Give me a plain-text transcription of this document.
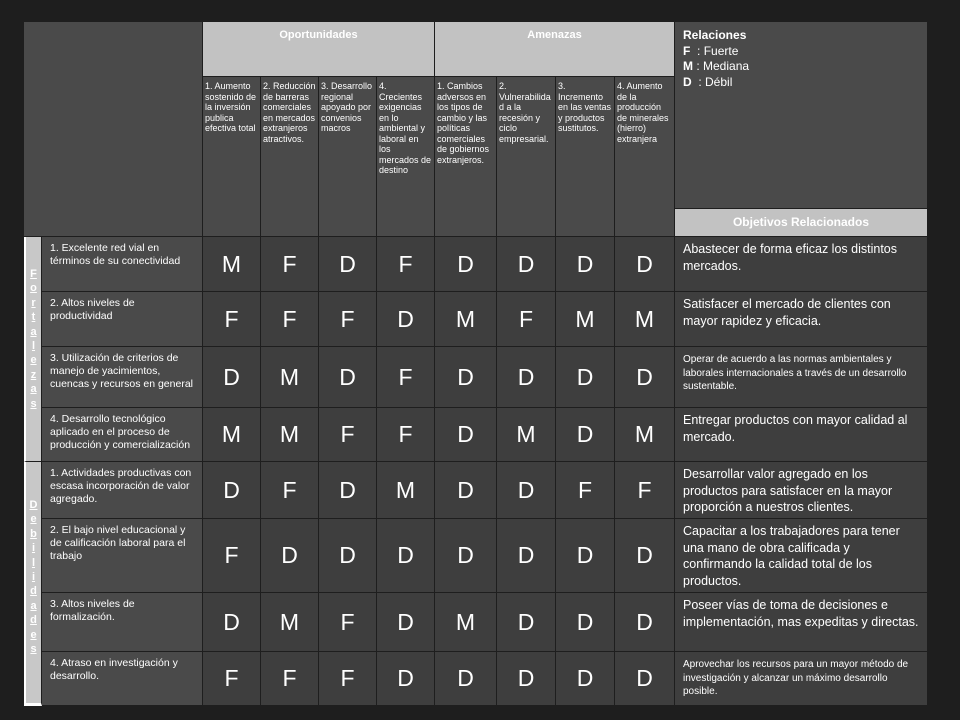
Oportunidades	Amenazas	Relaciones
F  : Fuerte
M : Mediana
D  : Débil
1. Aumento sostenido de la inversión publica efectiva total
2. Reducción de barreras comerciales en mercados extranjeros atractivos.
3. Desarrollo regional apoyado por convenios macros
4. Crecientes exigencias en lo ambiental y laboral en los mercados de destino
1. Cambios adversos en los tipos de cambio y las políticas comerciales de gobiernos extranjeros.
2. Vulnerabilidad a la recesión y ciclo empresarial.
3. Incremento en las ventas y productos sustitutos.
4. Aumento de la producción de minerales (hierro) extranjera
Objetivos Relacionados
F
o
r
t
a
l
e
z
a
s
D
e
b
i
l
i
d
a
d
e
s
1. Excelente red vial en términos de su conectividad	M	F	D	F	D	D	D	D
Abastecer de forma eficaz los distintos mercados.
2. Altos niveles de productividad	F	F	F	D	M	F	M	M
Satisfacer el mercado de clientes con mayor rapidez y eficacia.
3. Utilización de criterios de manejo de yacimientos, cuencas y recursos en general	D	M	D	F	D	D	D	D
Operar de acuerdo a las normas ambientales y laborales internacionales a través de un desarrollo sustentable.
4. Desarrollo tecnológico aplicado en el proceso de producción y comercialización	M	M	F	F	D	M	D	M
Entregar productos con mayor calidad al mercado.
1. Actividades productivas con escasa incorporación de valor agregado.	D	F	D	M	D	D	F	F
Desarrollar valor agregado en los productos para satisfacer en la mayor proporción a nuestros clientes.
2. El bajo nivel educacional y de calificación laboral para el trabajo	F	D	D	D	D	D	D	D
Capacitar a los trabajadores para tener una mano de obra calificada y confirmando la calidad total de los productos.
3. Altos niveles de formalización.	D	M	F	D	M	D	D	D
Poseer vías de toma de decisiones e implementación, mas expeditas y directas.
4. Atraso en investigación y desarrollo.	F	F	F	D	D	D	D	D
Aprovechar los recursos para un mayor método de investigación y alcanzar un máximo desarrollo posible.
